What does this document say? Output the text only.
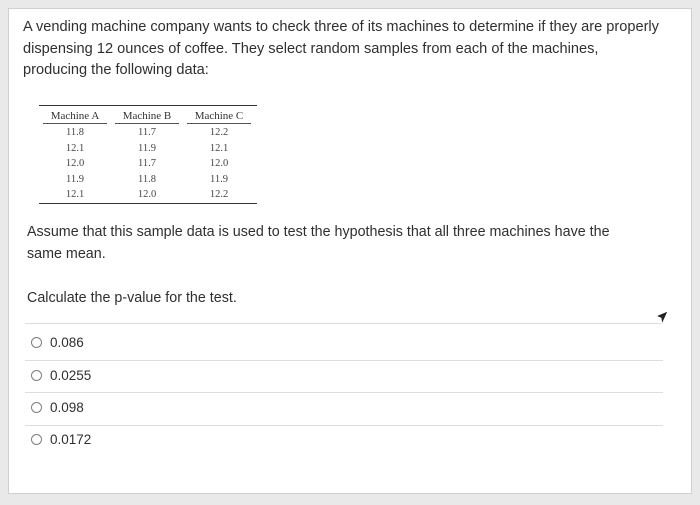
A vending machine company wants to check three of its machines to determine if they are properly dispensing 12 ounces of coffee. They select random samples from each of the machines, producing the following data:

Machine A	Machine B	Machine C
11.8	11.7	12.2
12.1	11.9	12.1
12.0	11.7	12.0
11.9	11.8	11.9
12.1	12.0	12.2

Assume that this sample data is used to test the hypothesis that all three machines have the same mean.

Calculate the p-value for the test.

0.086
0.0255
0.098
0.0172
